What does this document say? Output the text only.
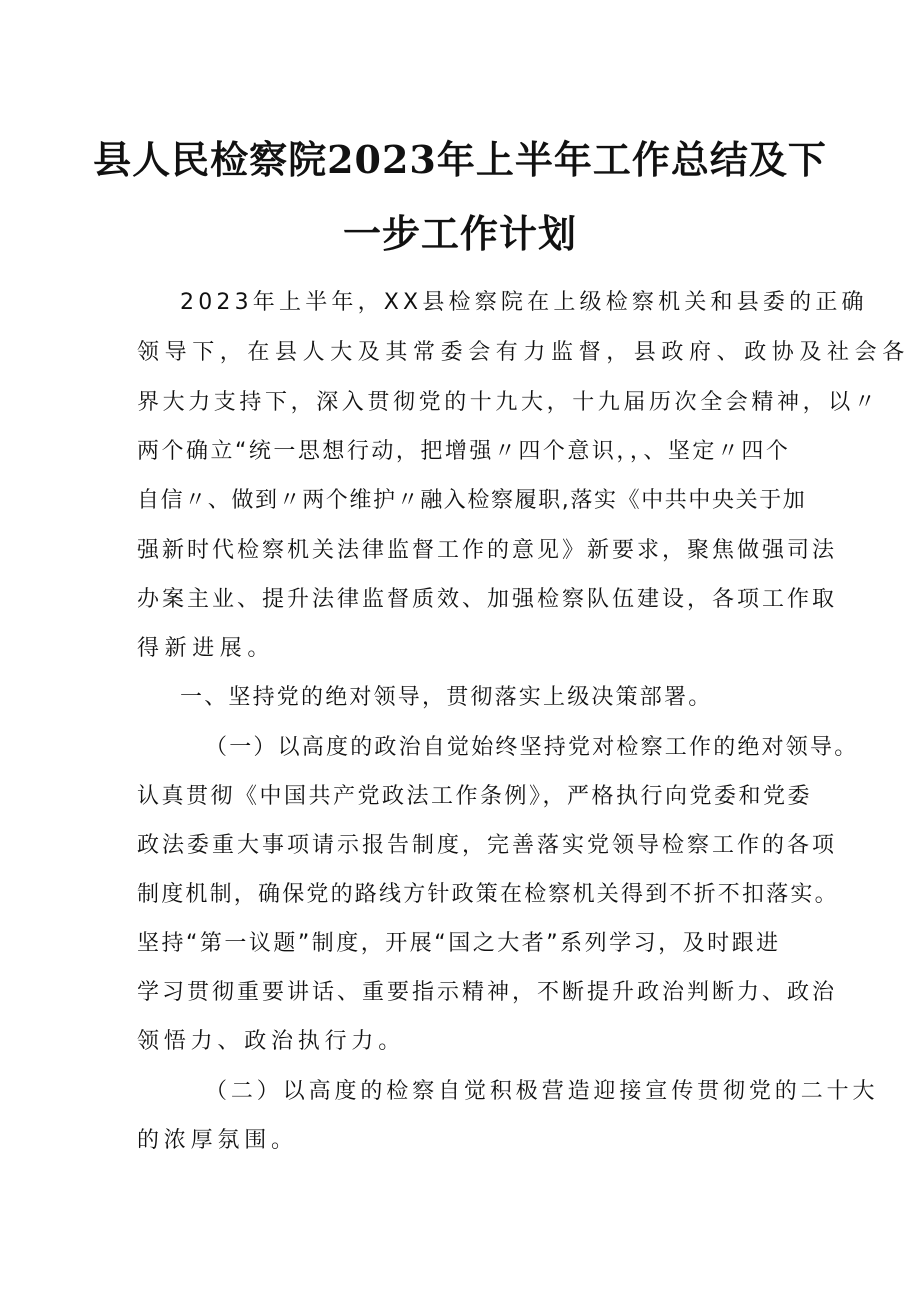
县人民检察院2023年上半年工作总结及下
一步工作计划
2023年上半年，XX县检察院在上级检察机关和县委的正确
领导下，在县人大及其常委会有力监督，县政府、政协及社会各
界大力支持下，深入贯彻党的十九大，十九届历次全会精神，以〃
两个确立“统一思想行动，把增强〃四个意识，，、坚定〃四个
自信〃、做到〃两个维护〃融入检察履职,落实《中共中央关于加
强新时代检察机关法律监督工作的意见》新要求，聚焦做强司法
办案主业、提升法律监督质效、加强检察队伍建设，各项工作取
得新进展。
一、坚持党的绝对领导，贯彻落实上级决策部署。
（一）以高度的政治自觉始终坚持党对检察工作的绝对领导。
认真贯彻《中国共产党政法工作条例》，严格执行向党委和党委
政法委重大事项请示报告制度，完善落实党领导检察工作的各项
制度机制，确保党的路线方针政策在检察机关得到不折不扣落实。
坚持“第一议题”制度，开展“国之大者”系列学习，及时跟进
学习贯彻重要讲话、重要指示精神，不断提升政治判断力、政治
领悟力、政治执行力。
（二）以高度的检察自觉积极营造迎接宣传贯彻党的二十大
的浓厚氛围。
